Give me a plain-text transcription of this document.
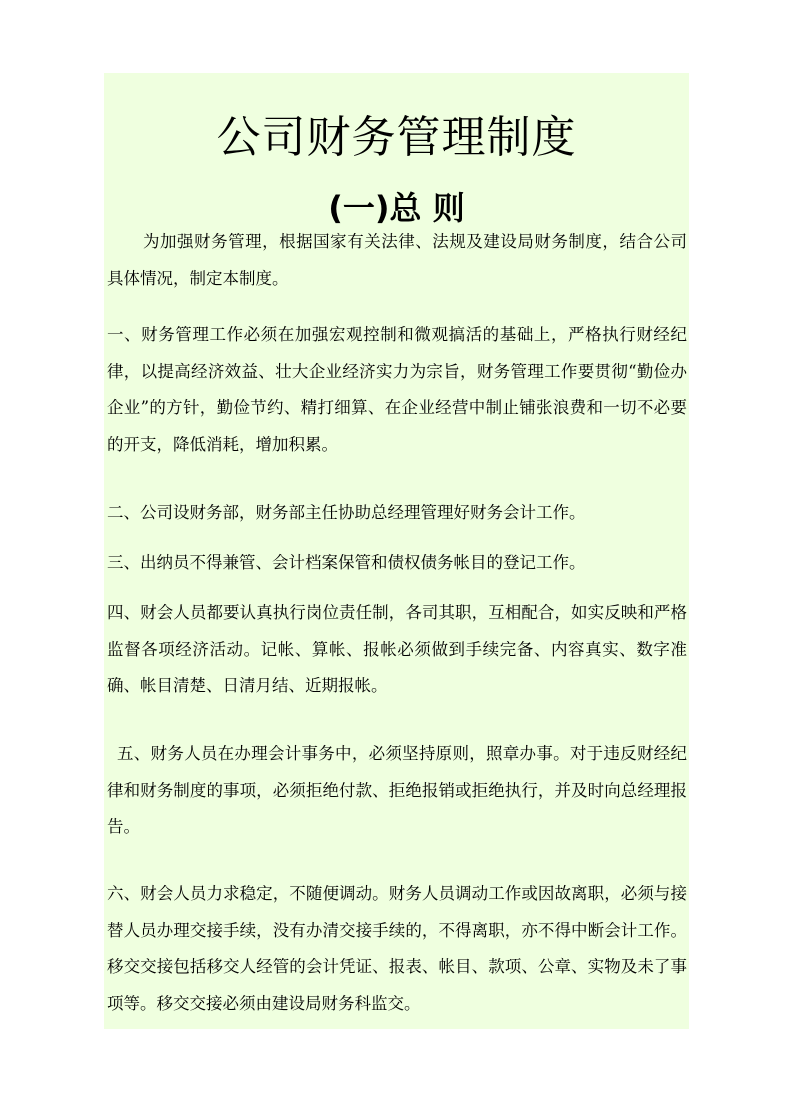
公司财务管理制度
(一)总 则

为加强财务管理，根据国家有关法律、法规及建设局财务制度，结合公司具体情况，制定本制度。

一、财务管理工作必须在加强宏观控制和微观搞活的基础上，严格执行财经纪律，以提高经济效益、壮大企业经济实力为宗旨，财务管理工作要贯彻“勤俭办企业”的方针，勤俭节约、精打细算、在企业经营中制止铺张浪费和一切不必要的开支，降低消耗，增加积累。

二、公司设财务部，财务部主任协助总经理管理好财务会计工作。

三、出纳员不得兼管、会计档案保管和债权债务帐目的登记工作。

四、财会人员都要认真执行岗位责任制，各司其职，互相配合，如实反映和严格监督各项经济活动。记帐、算帐、报帐必须做到手续完备、内容真实、数字准确、帐目清楚、日清月结、近期报帐。

五、财务人员在办理会计事务中，必须坚持原则，照章办事。对于违反财经纪律和财务制度的事项，必须拒绝付款、拒绝报销或拒绝执行，并及时向总经理报告。

六、财会人员力求稳定，不随便调动。财务人员调动工作或因故离职，必须与接替人员办理交接手续，没有办清交接手续的，不得离职，亦不得中断会计工作。移交交接包括移交人经管的会计凭证、报表、帐目、款项、公章、实物及未了事项等。移交交接必须由建设局财务科监交。
